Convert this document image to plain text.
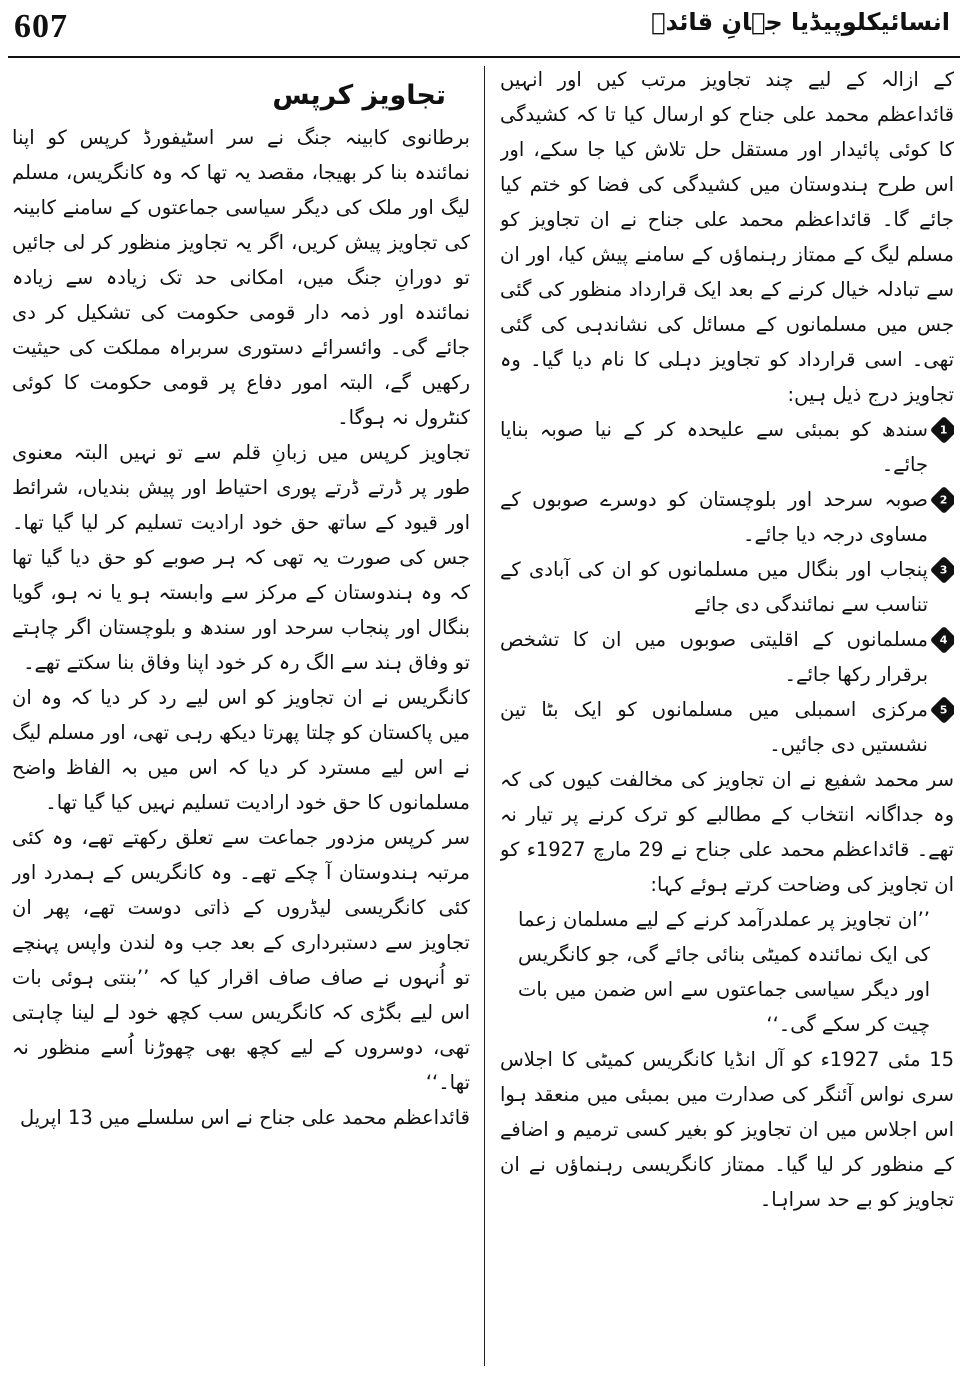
607	انسائیکلوپیڈیا جہانِ قائدؒ

کے ازالہ کے لیے چند تجاویز مرتب کیں اور انہیں قائداعظم محمد علی جناح کو ارسال کیا تا کہ کشیدگی کا کوئی پائیدار اور مستقل حل تلاش کیا جا سکے، اور اس طرح ہندوستان میں کشیدگی کی فضا کو ختم کیا جائے گا۔ قائداعظم محمد علی جناح نے ان تجاویز کو مسلم لیگ کے ممتاز رہنماؤں کے سامنے پیش کیا، اور ان سے تبادلہ خیال کرنے کے بعد ایک قرارداد منظور کی گئی جس میں مسلمانوں کے مسائل کی نشاندہی کی گئی تھی۔ اسی قرارداد کو تجاویز دہلی کا نام دیا گیا۔ وہ تجاویز درج ذیل ہیں:

1
سندھ کو بمبئی سے علیحدہ کر کے نیا صوبہ بنایا جائے۔
2
صوبہ سرحد اور بلوچستان کو دوسرے صوبوں کے مساوی درجہ دیا جائے۔
3
پنجاب اور بنگال میں مسلمانوں کو ان کی آبادی کے تناسب سے نمائندگی دی جائے
4
مسلمانوں کے اقلیتی صوبوں میں ان کا تشخص برقرار رکھا جائے۔
5
مرکزی اسمبلی میں مسلمانوں کو ایک بٹا تین نشستیں دی جائیں۔

سر محمد شفیع نے ان تجاویز کی مخالفت کیوں کی کہ وہ جداگانہ انتخاب کے مطالبے کو ترک کرنے پر تیار نہ تھے۔ قائداعظم محمد علی جناح نے 29 مارچ 1927ء کو ان تجاویز کی وضاحت کرتے ہوئے کہا:

’’ان تجاویز پر عملدرآمد کرنے کے لیے مسلمان زعما کی ایک نمائندہ کمیٹی بنائی جائے گی، جو کانگریس اور دیگر سیاسی جماعتوں سے اس ضمن میں بات چیت کر سکے گی۔‘‘

15 مئی 1927ء کو آل انڈیا کانگریس کمیٹی کا اجلاس سری نواس آئنگر کی صدارت میں بمبئی میں منعقد ہوا اس اجلاس میں ان تجاویز کو بغیر کسی ترمیم و اضافے کے منظور کر لیا گیا۔ ممتاز کانگریسی رہنماؤں نے ان تجاویز کو بے حد سراہا۔

تجاویز کرپس

برطانوی کابینہ جنگ نے سر اسٹیفورڈ کرپس کو اپنا نمائندہ بنا کر بھیجا، مقصد یہ تھا کہ وہ کانگریس، مسلم لیگ اور ملک کی دیگر سیاسی جماعتوں کے سامنے کابینہ کی تجاویز پیش کریں، اگر یہ تجاویز منظور کر لی جائیں تو دورانِ جنگ میں، امکانی حد تک زیادہ سے زیادہ نمائندہ اور ذمہ دار قومی حکومت کی تشکیل کر دی جائے گی۔ وائسرائے دستوری سربراہ مملکت کی حیثیت رکھیں گے، البتہ امور دفاع پر قومی حکومت کا کوئی کنٹرول نہ ہوگا۔

تجاویز کرپس میں زبانِ قلم سے تو نہیں البتہ معنوی طور پر ڈرتے ڈرتے پوری احتیاط اور پیش بندیاں، شرائط اور قیود کے ساتھ حق خود ارادیت تسلیم کر لیا گیا تھا۔ جس کی صورت یہ تھی کہ ہر صوبے کو حق دیا گیا تھا کہ وہ ہندوستان کے مرکز سے وابستہ ہو یا نہ ہو، گویا بنگال اور پنجاب سرحد اور سندھ و بلوچستان اگر چاہتے تو وفاق ہند سے الگ رہ کر خود اپنا وفاق بنا سکتے تھے۔

کانگریس نے ان تجاویز کو اس لیے رد کر دیا کہ وہ ان میں پاکستان کو چلتا پھرتا دیکھ رہی تھی، اور مسلم لیگ نے اس لیے مسترد کر دیا کہ اس میں بہ الفاظ واضح مسلمانوں کا حق خود ارادیت تسلیم نہیں کیا گیا تھا۔

سر کرپس مزدور جماعت سے تعلق رکھتے تھے، وہ کئی مرتبہ ہندوستان آ چکے تھے۔ وہ کانگریس کے ہمدرد اور کئی کانگریسی لیڈروں کے ذاتی دوست تھے، پھر ان تجاویز سے دستبرداری کے بعد جب وہ لندن واپس پہنچے تو اُنہوں نے صاف صاف اقرار کیا کہ ’’بنتی ہوئی بات اس لیے بگڑی کہ کانگریس سب کچھ خود لے لینا چاہتی تھی، دوسروں کے لیے کچھ بھی چھوڑنا اُسے منظور نہ تھا۔‘‘

قائداعظم محمد علی جناح نے اس سلسلے میں 13 اپریل
